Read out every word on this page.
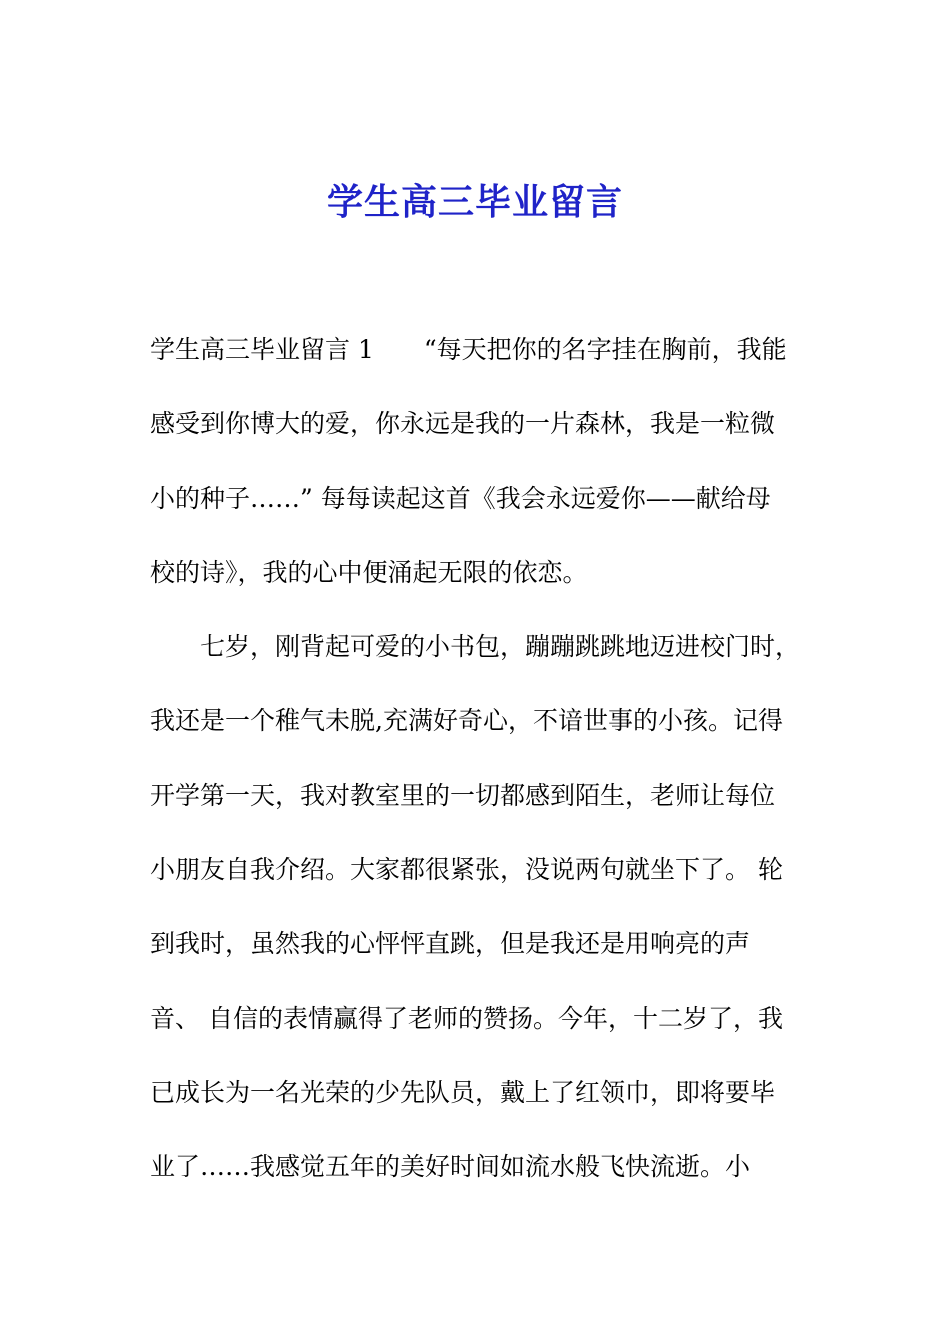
学生高三毕业留言
学生高三毕业留言 1　　“每天把你的名字挂在胸前，我能
感受到你博大的爱，你永远是我的一片森林，我是一粒微
小的种子……” 每每读起这首《我会永远爱你——献给母
校的诗》，我的心中便涌起无限的依恋。
　　七岁，刚背起可爱的小书包，蹦蹦跳跳地迈进校门时，
我还是一个稚气未脱,充满好奇心，不谙世事的小孩。记得
开学第一天，我对教室里的一切都感到陌生，老师让每位
小朋友自我介绍。大家都很紧张，没说两句就坐下了。 轮
到我时，虽然我的心怦怦直跳，但是我还是用响亮的声
音、 自信的表情赢得了老师的赞扬。今年，十二岁了，我
已成长为一名光荣的少先队员，戴上了红领巾，即将要毕
业了……我感觉五年的美好时间如流水般飞快流逝。小
